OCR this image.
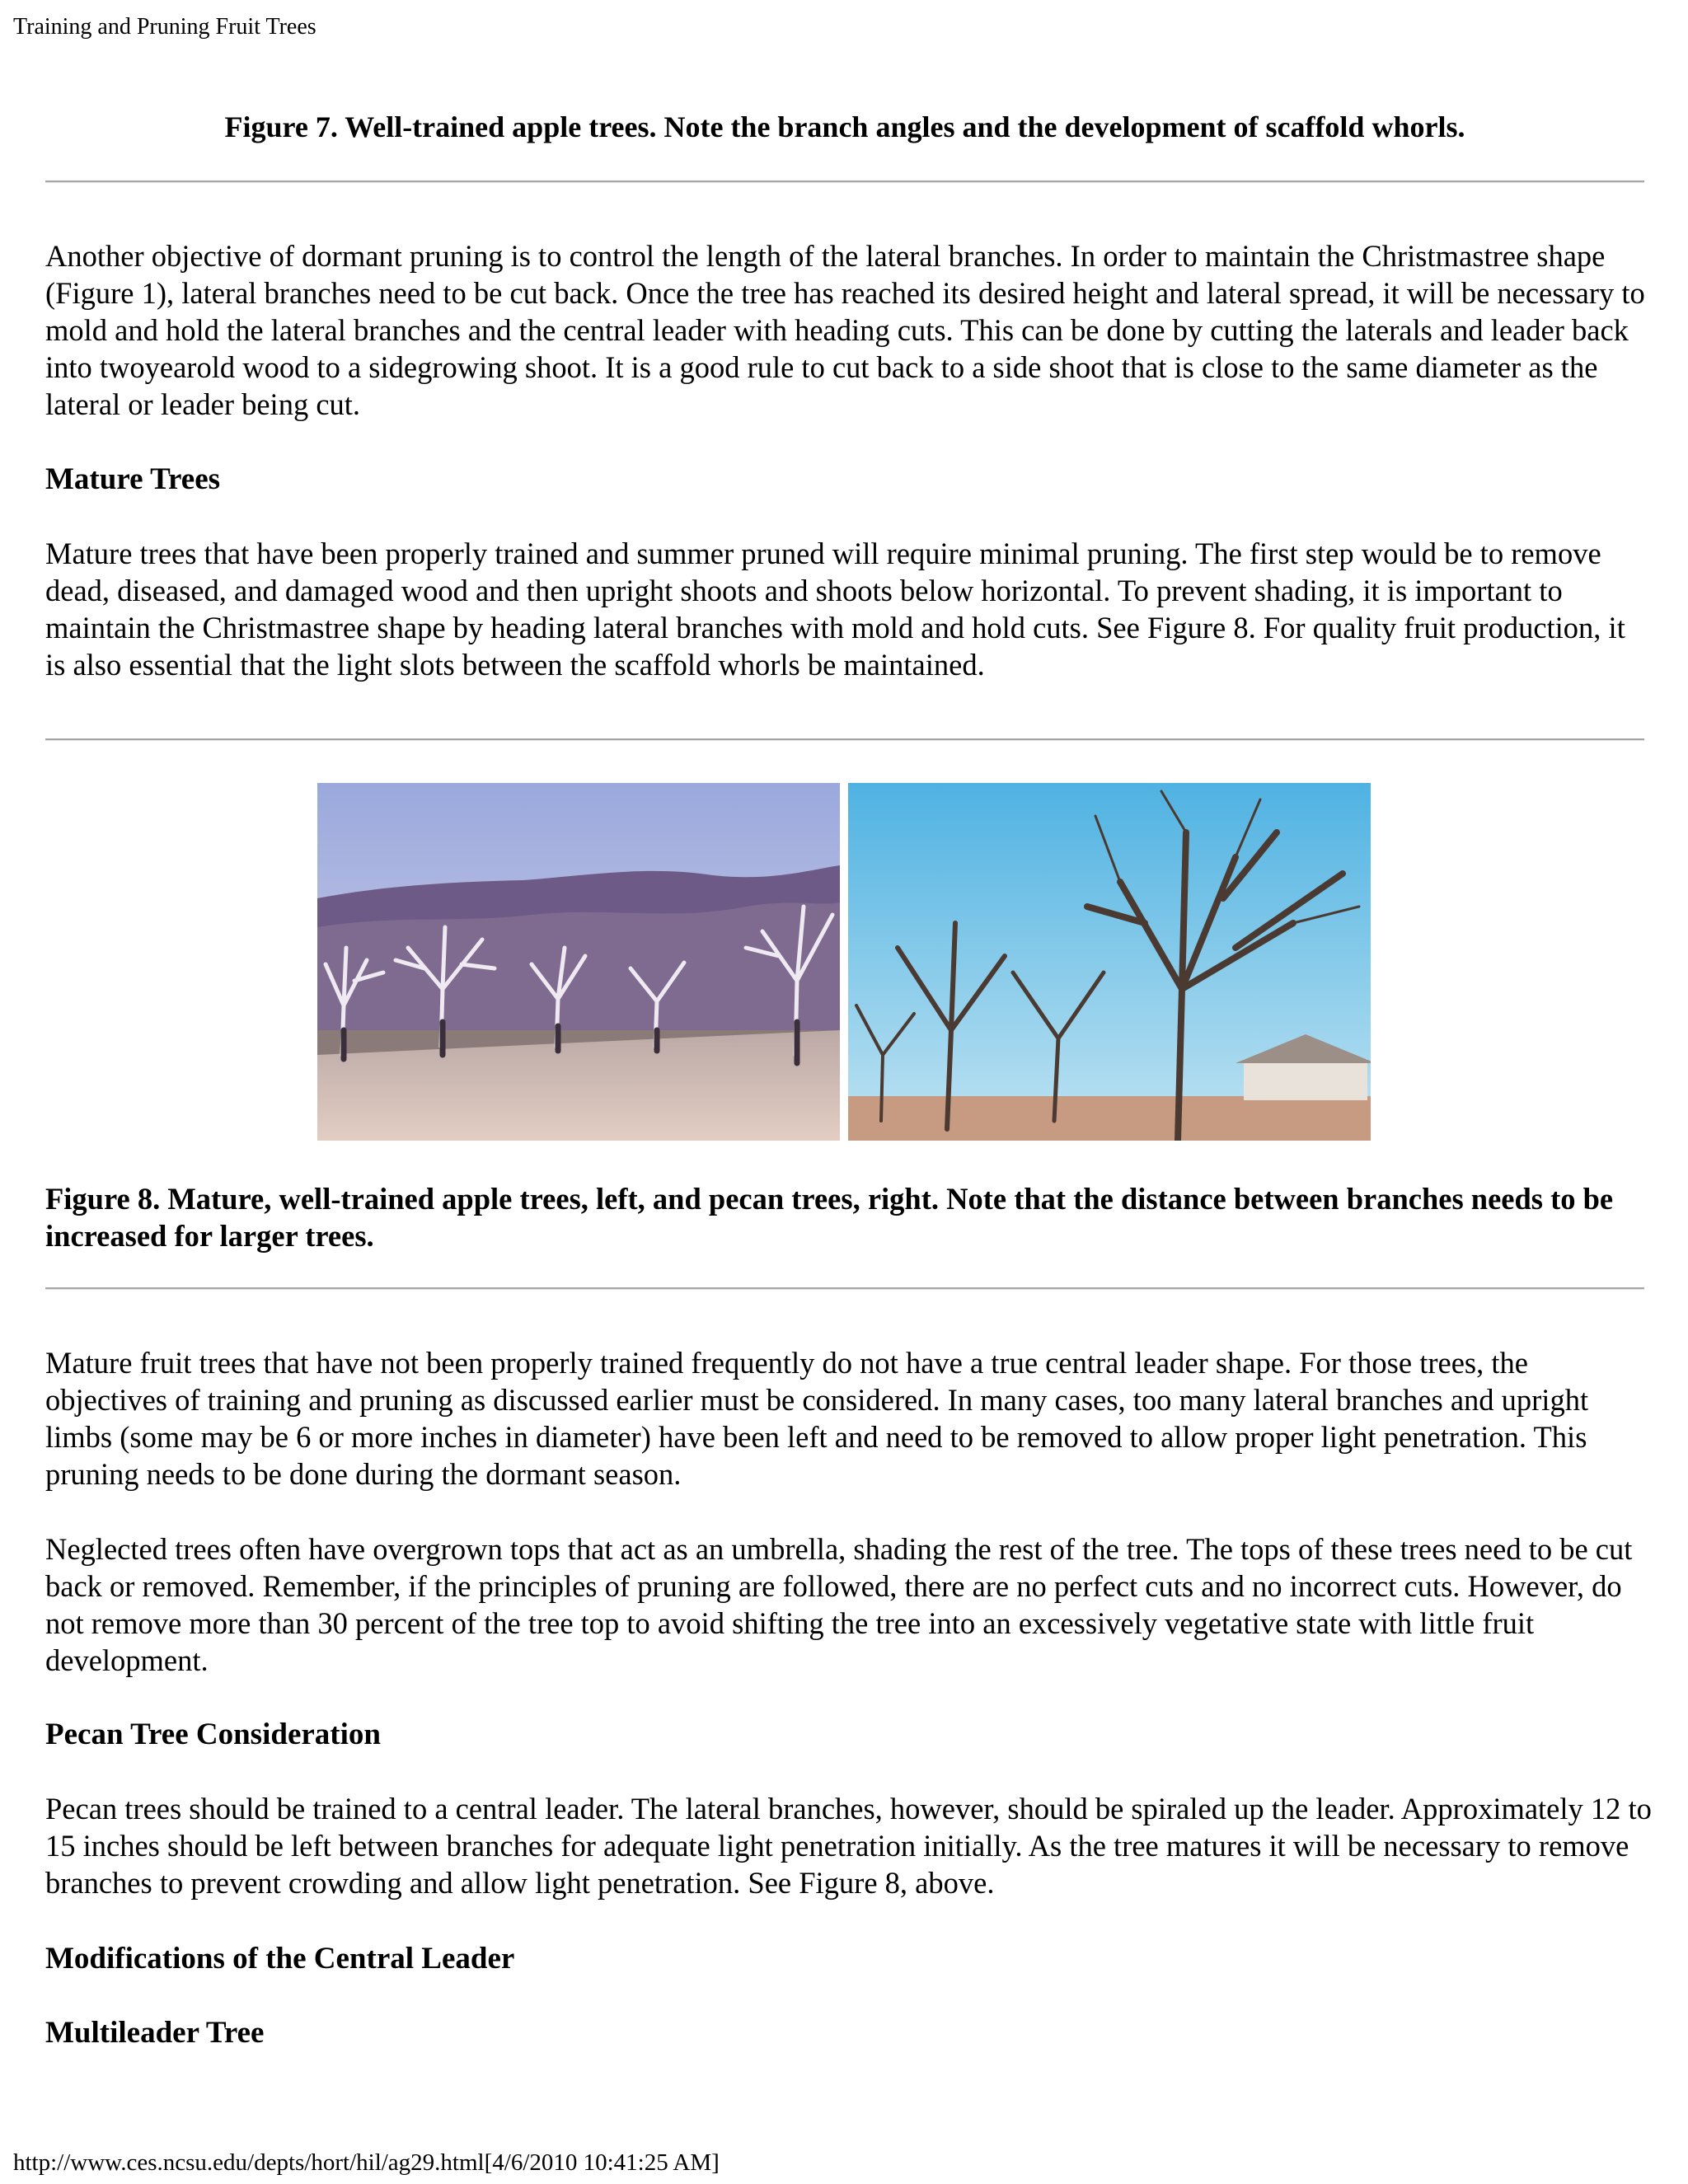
Training and Pruning Fruit Trees
Figure 7. Well-trained apple trees. Note the branch angles and the development of scaffold whorls.

Another objective of dormant pruning is to control the length of the lateral branches. In order to maintain the Christmastree shape (Figure 1), lateral branches need to be cut back. Once the tree has reached its desired height and lateral spread, it will be necessary to mold and hold the lateral branches and the central leader with heading cuts. This can be done by cutting the laterals and leader back into twoyearold wood to a sidegrowing shoot. It is a good rule to cut back to a side shoot that is close to the same diameter as the lateral or leader being cut.

Mature Trees

Mature trees that have been properly trained and summer pruned will require minimal pruning. The first step would be to remove dead, diseased, and damaged wood and then upright shoots and shoots below horizontal. To prevent shading, it is important to maintain the Christmastree shape by heading lateral branches with mold and hold cuts. See Figure 8. For quality fruit production, it is also essential that the light slots between the scaffold whorls be maintained.

Figure 8. Mature, well-trained apple trees, left, and pecan trees, right. Note that the distance between branches needs to be increased for larger trees.

Mature fruit trees that have not been properly trained frequently do not have a true central leader shape. For those trees, the objectives of training and pruning as discussed earlier must be considered. In many cases, too many lateral branches and upright limbs (some may be 6 or more inches in diameter) have been left and need to be removed to allow proper light penetration. This pruning needs to be done during the dormant season.

Neglected trees often have overgrown tops that act as an umbrella, shading the rest of the tree. The tops of these trees need to be cut back or removed. Remember, if the principles of pruning are followed, there are no perfect cuts and no incorrect cuts. However, do not remove more than 30 percent of the tree top to avoid shifting the tree into an excessively vegetative state with little fruit development.

Pecan Tree Consideration

Pecan trees should be trained to a central leader. The lateral branches, however, should be spiraled up the leader. Approximately 12 to 15 inches should be left between branches for adequate light penetration initially. As the tree matures it will be necessary to remove branches to prevent crowding and allow light penetration. See Figure 8, above.

Modifications of the Central Leader
Multileader Tree
http://www.ces.ncsu.edu/depts/hort/hil/ag29.html[4/6/2010 10:41:25 AM]
